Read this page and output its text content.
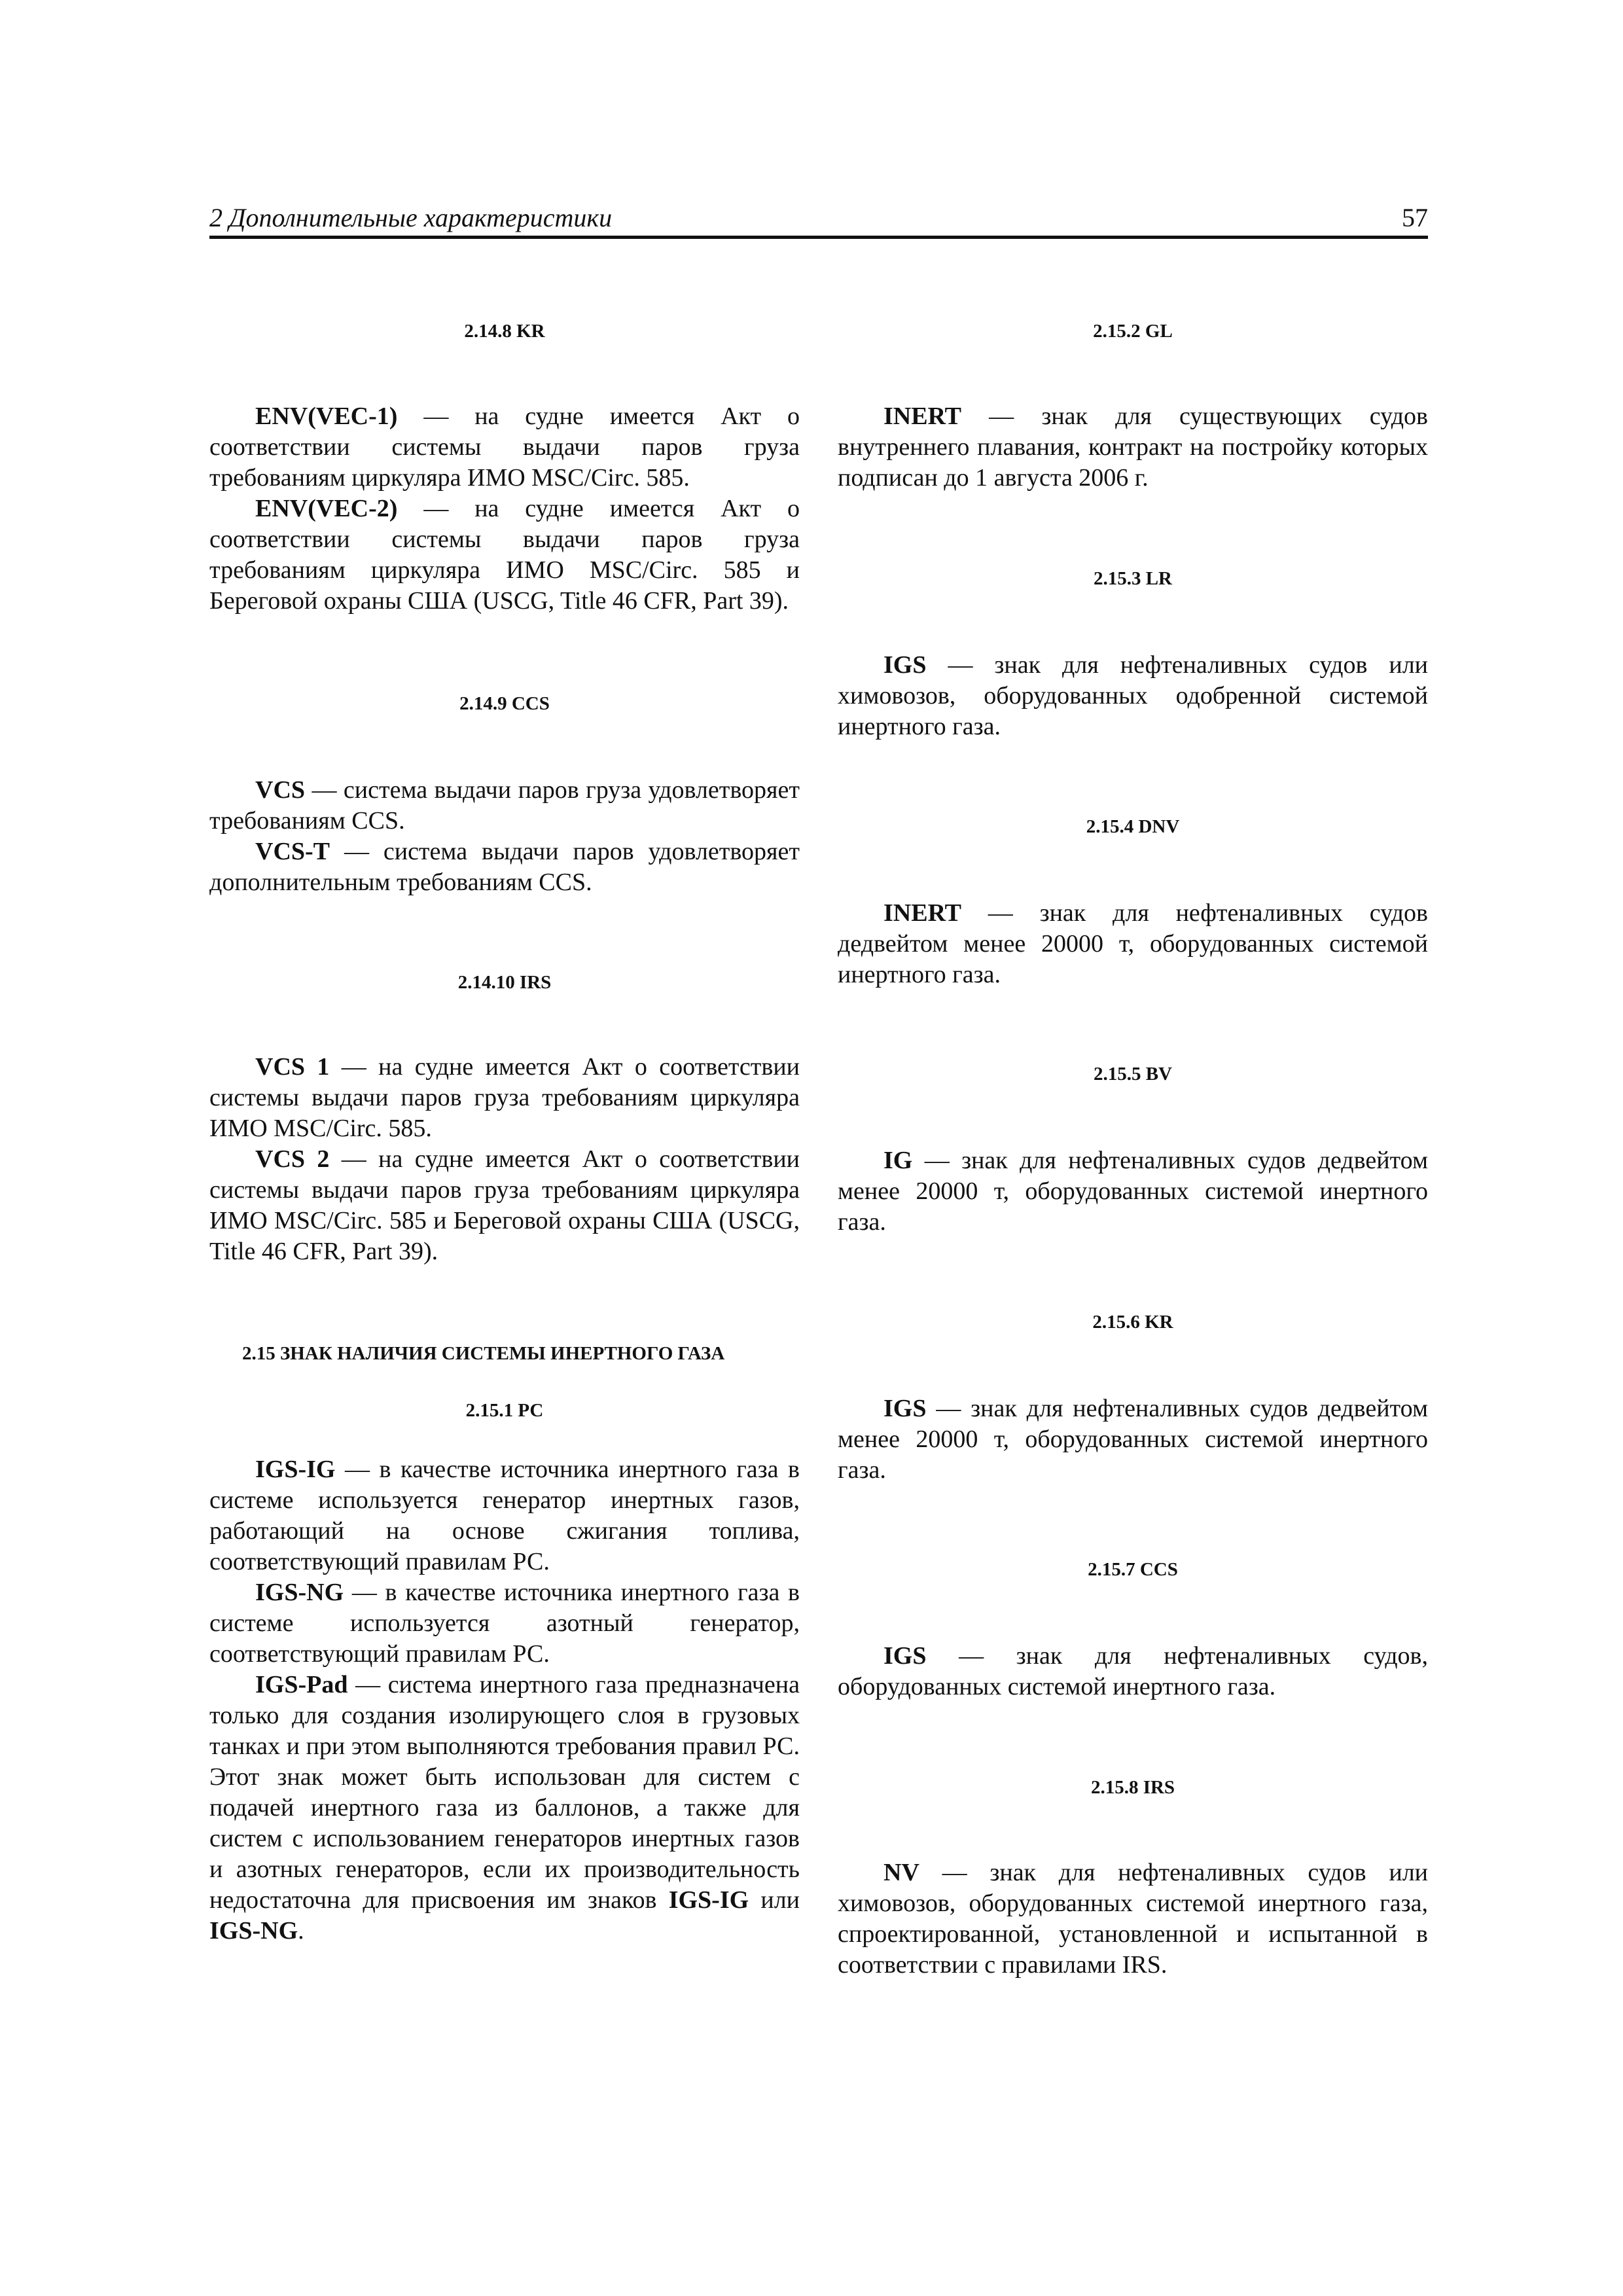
2 Дополнительные характеристики	57
2.14.8 KR

ENV(VEC-1) — на судне имеется Акт о соответствии системы выдачи паров груза требованиям циркуляра ИМО MSC/Circ. 585.

ENV(VEC-2) — на судне имеется Акт о соответствии системы выдачи паров груза требованиям циркуляра ИМО MSC/Circ. 585 и Береговой охраны США (USCG, Title 46 CFR, Part 39).

2.14.9 CCS

VCS — система выдачи паров груза удовлетворяет требованиям CCS.

VCS-T — система выдачи паров удовлетворяет дополнительным требованиям CCS.

2.14.10 IRS

VCS 1 — на судне имеется Акт о соответствии системы выдачи паров груза требованиям циркуляра ИМО MSC/Circ. 585.

VCS 2 — на судне имеется Акт о соответствии системы выдачи паров груза требованиям циркуляра ИМО MSC/Circ. 585 и Береговой охраны США (USCG, Title 46 CFR, Part 39).

2.15 ЗНАК НАЛИЧИЯ СИСТЕМЫ ИНЕРТНОГО ГАЗА
2.15.1 РС

IGS-IG — в качестве источника инертного газа в системе используется генератор инертных газов, работающий на основе сжигания топлива, соответствующий правилам РС.

IGS-NG — в качестве источника инертного газа в системе используется азотный генератор, соответствующий правилам РС.

IGS-Pad — система инертного газа предназначена только для создания изолирующего слоя в грузовых танках и при этом выполняются требования правил РС. Этот знак может быть использован для систем с подачей инертного газа из баллонов, а также для систем с использованием генераторов инертных газов и азотных генераторов, если их производительность недостаточна для присвоения им знаков IGS-IG или IGS-NG.

2.15.2 GL

INERT — знак для существующих судов внутреннего плавания, контракт на постройку которых подписан до 1 августа 2006 г.

2.15.3 LR

IGS — знак для нефтеналивных судов или химовозов, оборудованных одобренной системой инертного газа.

2.15.4 DNV

INERT — знак для нефтеналивных судов дедвейтом менее 20000 т, оборудованных системой инертного газа.

2.15.5 BV

IG — знак для нефтеналивных судов дедвейтом менее 20000 т, оборудованных системой инертного газа.

2.15.6 KR

IGS — знак для нефтеналивных судов дедвейтом менее 20000 т, оборудованных системой инертного газа.

2.15.7 CCS

IGS — знак для нефтеналивных судов, оборудованных системой инертного газа.

2.15.8 IRS

NV — знак для нефтеналивных судов или химовозов, оборудованных системой инертного газа, спроектированной, установленной и испытанной в соответствии с правилами IRS.
